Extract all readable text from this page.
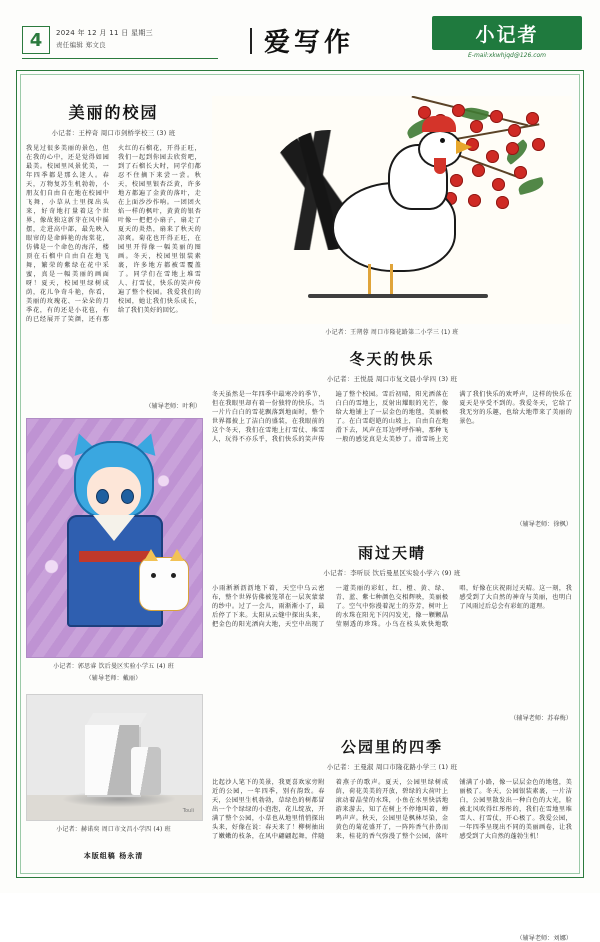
4	2024 年 12 月 11 日 星期三
责任编辑 郑文良	爱写作	小记者
E-mail:xkwhjqd@126.com
美丽的校园
小记者：王梓奇 周口市剑桥学校三 (3) 班
我见过很多美丽的景色，但在我的心中，还是觉得如园最美。校园里风景优美，一年四季都是那么迷人。春天，万物复苏生机勃勃，小朋友们自由自在地在校园中飞舞，小草从土里探出头来，好奇地打量着这个世界，像故独这新芽在风中摇摆，走进高中部，最先映入眼帘的是命鲜艳的海棠花，仿佛是一个命色的海洋，楼顶在石榴中自由自在地飞舞，繁荣的紫绿在花中采蜜，真是一幅美丽的画面呀！夏天，校园里绿树成荫，花儿争奇斗艳，你看，美丽的玫瑰花、一朵朵的月季花，有的还是小花苞，有的已经展开了笑颜，还有那火红的石榴花，开得正旺，我们一起到你园去欣赏吧，到了石榴长大时，同学们都忍不住摘下来尝一尝。秋天，校园里银杏泛黄，许多地方都遍了金黄的落叶，走在上面沙沙作响。一团团火焰一样的枫叶，黄黄的银杏叶像一把把小扇子，扇走了夏天的炎热，扇来了秋天的凉爽。菊花也开得正旺，在园里开得像一幅美丽的图画。冬天，校园里银装素裹，许多地方都被雪覆盖了。同学们在雪地上堆雪人、打雪仗，快乐的笑声传遍了整个校园。我爱我们的校园，她让我们快乐成长，给了我们美好的回忆。
（辅导老师：叶利）
小记者：郭思睿 饮后曼区实验小学五 (4) 班
（辅导老师：戴丽）
Touli
小记者：赫诺奕 周口市文昌小学四 (4) 班
本版组稿 杨永清
小记者：王朔蓉 周口市隆花路第二小学三 (1) 班
冬天的快乐
小记者：王悦晨 周口市复文晨小学四 (3) 班
冬天虽然是一年四季中最寒冷的季节，但在我眼里却有着一份独特的快乐。当一片片白白的雪花飘落到地面时，整个世界都披上了洁白的盛装，在我眼前的这个冬天，我们在雪地上打雪仗、堆雪人，玩得不亦乐乎，我们快乐的笑声传遍了整个校园。雪后初晴，阳光洒落在白白的雪地上，反射出耀眼的光芒，像给大地铺上了一层金色的地毯，美丽极了。在白雪皑皑的山坡上，自由自在地滑下去，风声在耳边呼呼作响，那种飞一般的感觉真是太美妙了。滑雪场上充满了我们快乐的欢呼声，这样的快乐在夏天是享受不到的。我爱冬天，它给了我无穷的乐趣，也给大地带来了美丽的景色。
（辅导老师：徐枫）
雨过天晴
小记者：李听辰 饮后曼星区实验小学六 (9) 班
小雨淅淅沥沥地下着，天空中乌云密布，整个世界仿佛被笼罩在一层灰蒙蒙的纱中。过了一会儿，雨渐渐小了，最后停了下来。太阳从云缝中探出头来，把金色的阳光洒向大地，天空中出现了一道美丽的彩虹，红、橙、黄、绿、青、蓝、紫七种颜色交相辉映，美丽极了。空气中弥漫着泥土的芬芳，树叶上的水珠在阳光下闪闪发光，像一颗颗晶莹剔透的珍珠。小鸟在枝头欢快地歌唱，好像在庆祝雨过天晴。这一刻，我感受到了大自然的神奇与美丽，也明白了风雨过后总会有彩虹的道理。
（辅导老师：苏春梅）
公园里的四季
小记者：王曼淑 周口市隆花路小学三 (1) 班
比起沙人笔下的美景，我更喜欢家旁附近的公园，一年四季，别有韵致。春天，公园里生机勃勃，草绿色的树都冒出一个个绿绿的小泡泡，花儿绽放，开满了整个公园，小草也从地里悄悄探出头来，好像在说：春天来了！柳树抽出了嫩嫩的枝条，在风中翩翩起舞，伴随着燕子的歌声。夏天，公园里绿树成荫，荷花美美的开放，碧绿的大荷叶上滚动着晶莹的水珠，小鱼在水里快活地游来游去，知了在树上不停地叫着，蝉鸣声声。秋天，公园里是枫林尽染，金黄色的菊花盛开了，一阵阵香气扑鼻而来，桂花的香气弥漫了整个公园，落叶铺满了小路，像一层层金色的地毯，美丽极了。冬天，公园银装素裹，一片洁白，公园里散发出一种白色的大光，脸被北风吹得红彤彤的，我们在雪地里堆雪人、打雪仗，开心极了。我爱公园，一年四季呈现出不同的美丽画卷，让我感受到了大自然的蓬勃生机！
（辅导老师：刘娜）
